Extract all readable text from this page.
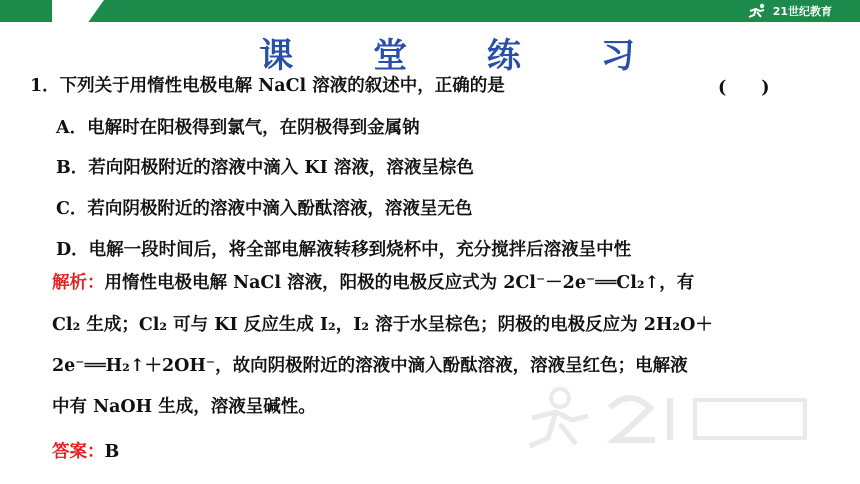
21世纪教育
课 堂 练 习
1．下列关于用惰性电极电解 NaCl 溶液的叙述中，正确的是	(　　)
A．电解时在阳极得到氯气，在阴极得到金属钠
B．若向阳极附近的溶液中滴入 KI 溶液，溶液呈棕色
C．若向阴极附近的溶液中滴入酚酞溶液，溶液呈无色
D．电解一段时间后，将全部电解液转移到烧杯中，充分搅拌后溶液呈中性
解析：用惰性电极电解 NaCl 溶液，阳极的电极反应式为 2Cl⁻－2e⁻══Cl₂↑，有
Cl₂ 生成；Cl₂ 可与 KI 反应生成 I₂，I₂ 溶于水呈棕色；阴极的电极反应为 2H₂O＋
2e⁻══H₂↑＋2OH⁻，故向阴极附近的溶液中滴入酚酞溶液，溶液呈红色；电解液
中有 NaOH 生成，溶液呈碱性。
答案：B
